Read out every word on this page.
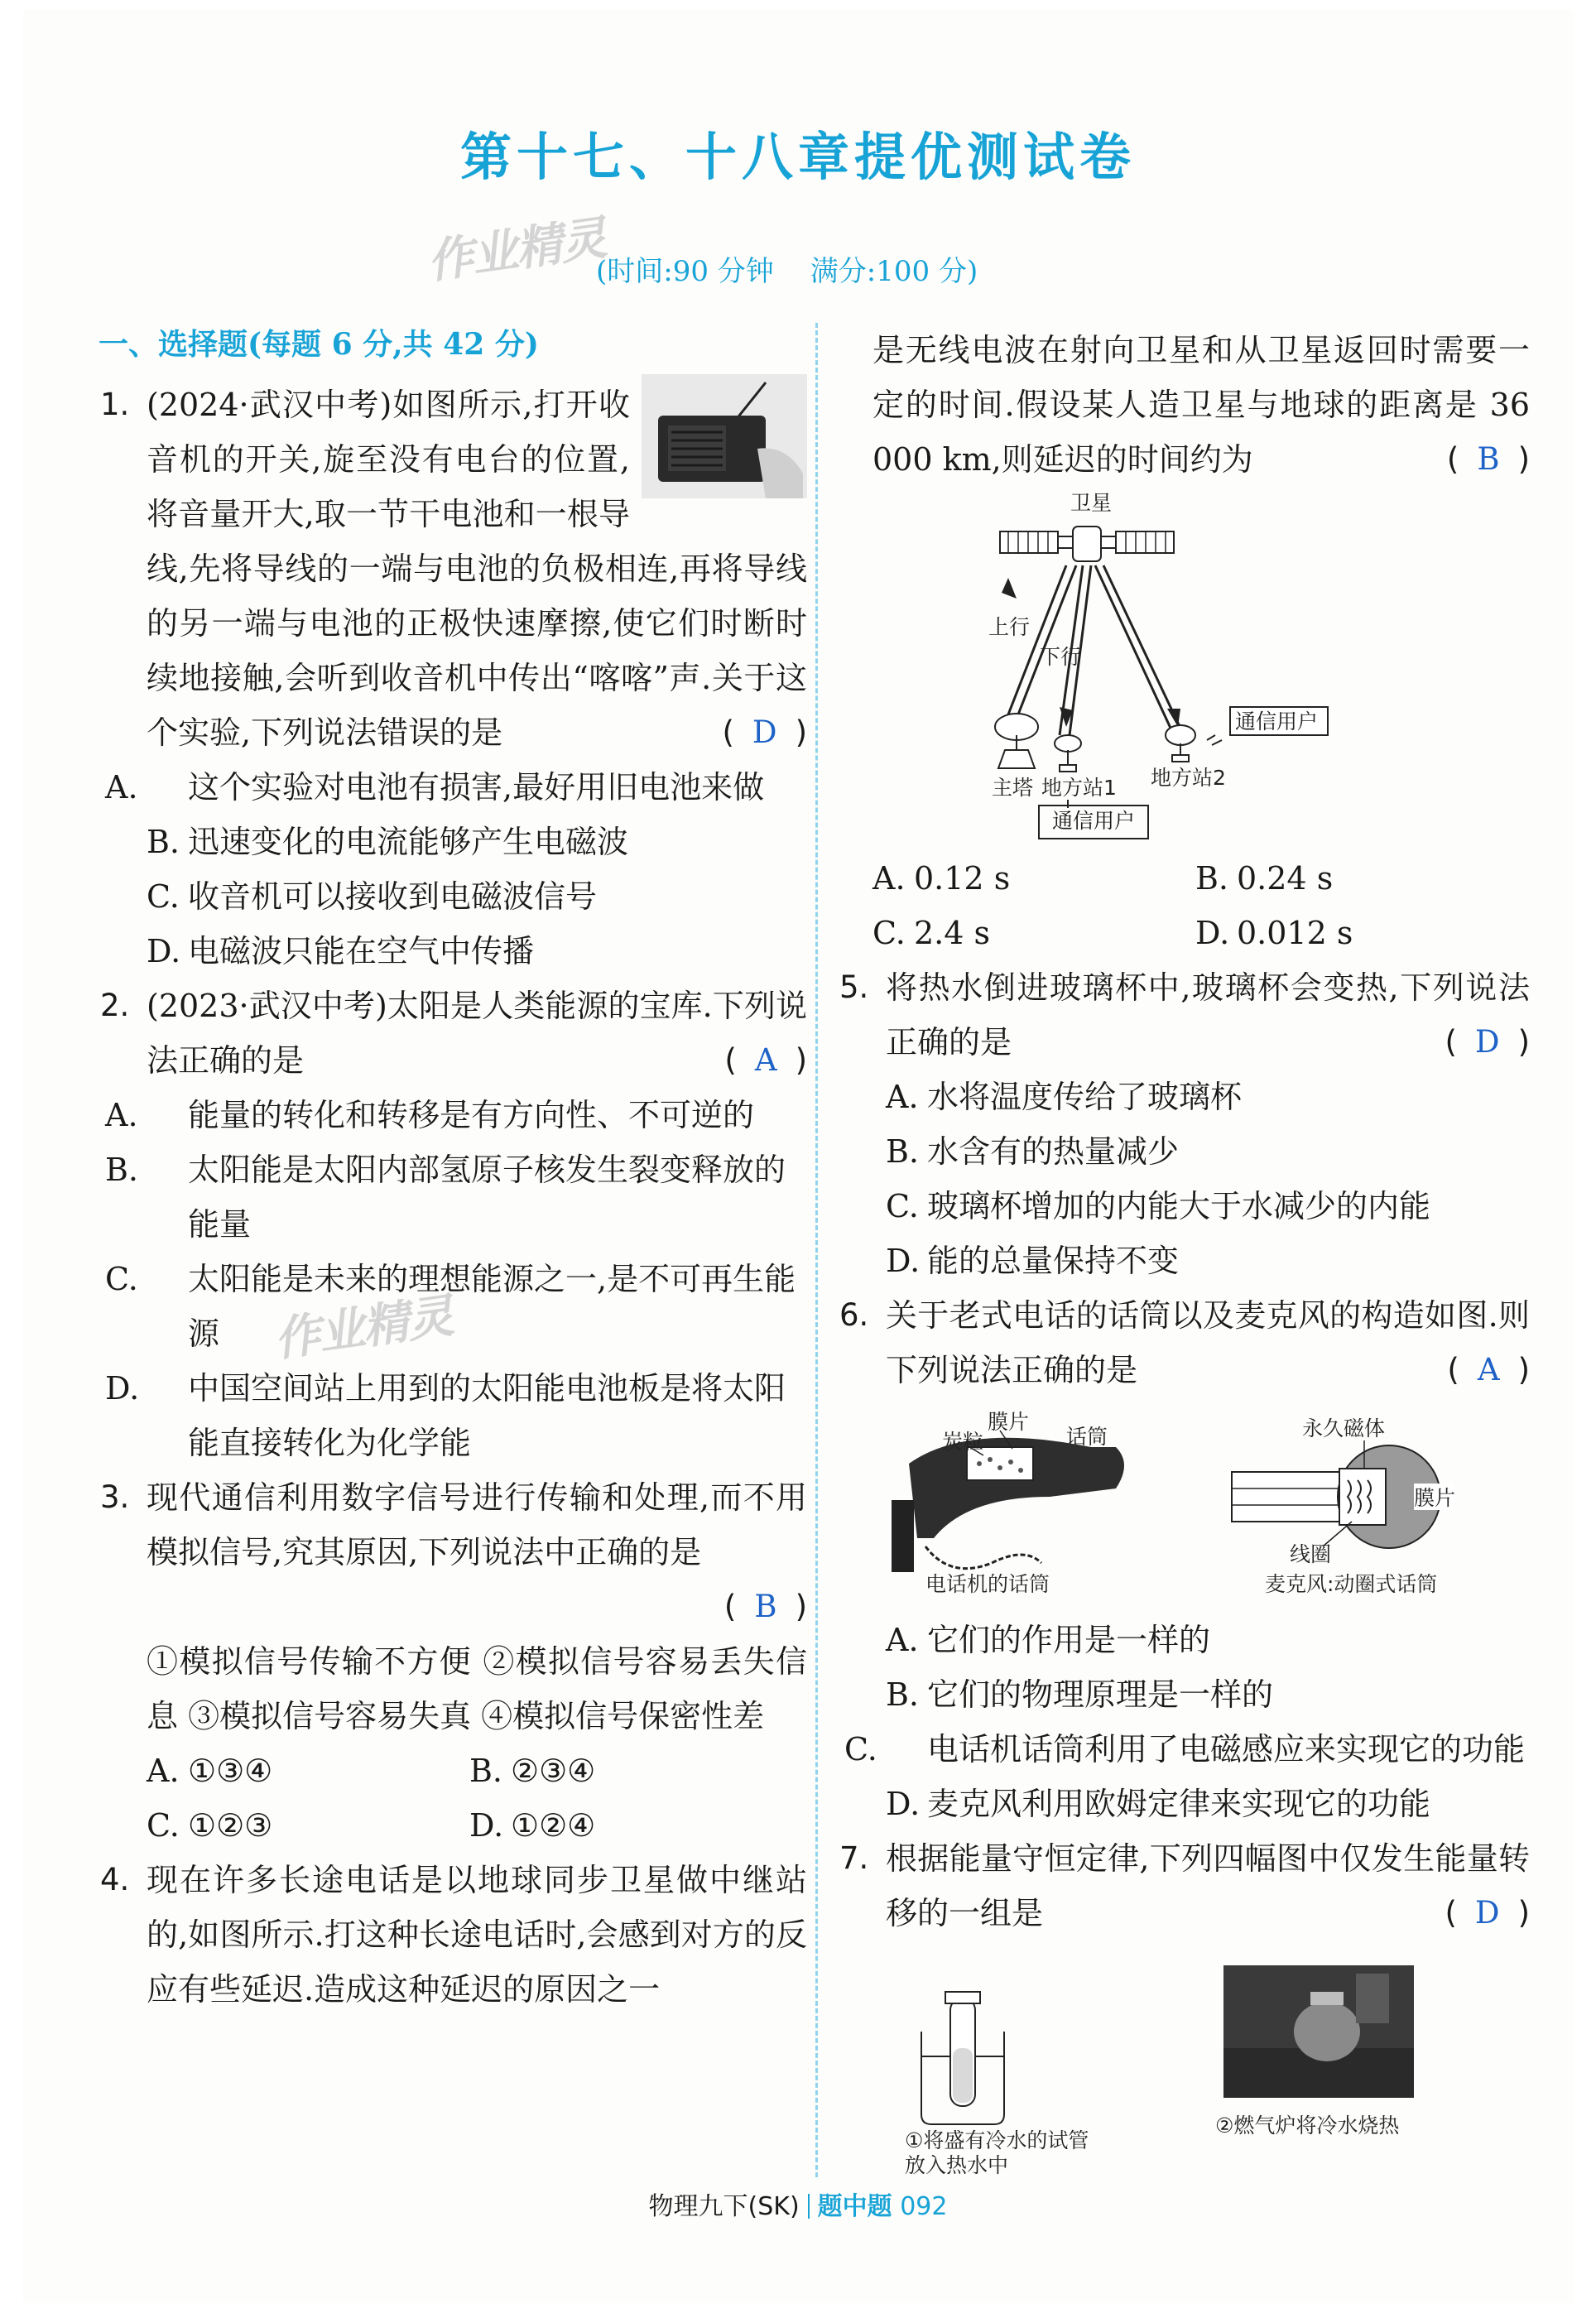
第十七、十八章提优测试卷
作业精灵
(时间:90 分钟 满分:100 分)
一、选择题(每题 6 分,共 42 分)
1. (2024·武汉中考)如图所示,打开收音机的开关,旋至没有电台的位置,将音量开大,取一节干电池和一根导线,先将导线的一端与电池的负极相连,再将导线的另一端与电池的正极快速摩擦,使它们时断时续地接触,会听到收音机中传出“喀喀”声.关于这个实验,下列说法错误的是	( D )
A. 这个实验对电池有损害,最好用旧电池来做
B. 迅速变化的电流能够产生电磁波
C. 收音机可以接收到电磁波信号
D. 电磁波只能在空气中传播
2. (2023·武汉中考)太阳是人类能源的宝库.下列说法正确的是	( A )
A. 能量的转化和转移是有方向性、不可逆的
B. 太阳能是太阳内部氢原子核发生裂变释放的能量
C. 太阳能是未来的理想能源之一,是不可再生能源
D. 中国空间站上用到的太阳能电池板是将太阳能直接转化为化学能
3. 现代通信利用数字信号进行传输和处理,而不用模拟信号,究其原因,下列说法中正确的是
( B )
①模拟信号传输不方便 ②模拟信号容易丢失信息 ③模拟信号容易失真 ④模拟信号保密性差
A. ①③④	B. ②③④
C. ①②③	D. ①②④
4. 现在许多长途电话是以地球同步卫星做中继站的,如图所示.打这种长途电话时,会感到对方的反应有些延迟.造成这种延迟的原因之一
作业精灵
是无线电波在射向卫星和从卫星返回时需要一定的时间.假设某人造卫星与地球的距离是 36 000 km,则延迟的时间约为	( B )
卫星
上行
下行
主塔 地方站1 地方站2
通信用户
通信用户
A. 0.12 s	B. 0.24 s
C. 2.4 s	D. 0.012 s
5. 将热水倒进玻璃杯中,玻璃杯会变热,下列说法正确的是	( D )
A. 水将温度传给了玻璃杯
B. 水含有的热量减少
C. 玻璃杯增加的内能大于水减少的内能
D. 能的总量保持不变
6. 关于老式电话的话筒以及麦克风的构造如图.则下列说法正确的是	( A )
膜片
炭粒	话筒
电话机的话筒
膜片
永久磁体
线圈
麦克风:动圈式话筒
A. 它们的作用是一样的
B. 它们的物理原理是一样的
C. 电话机话筒利用了电磁感应来实现它的功能
D. 麦克风利用欧姆定律来实现它的功能
7. 根据能量守恒定律,下列四幅图中仅发生能量转移的一组是	( D )
①将盛有冷水的试管
放入热水中
②燃气炉将冷水烧热
物理九下(SK) 题中题 092
